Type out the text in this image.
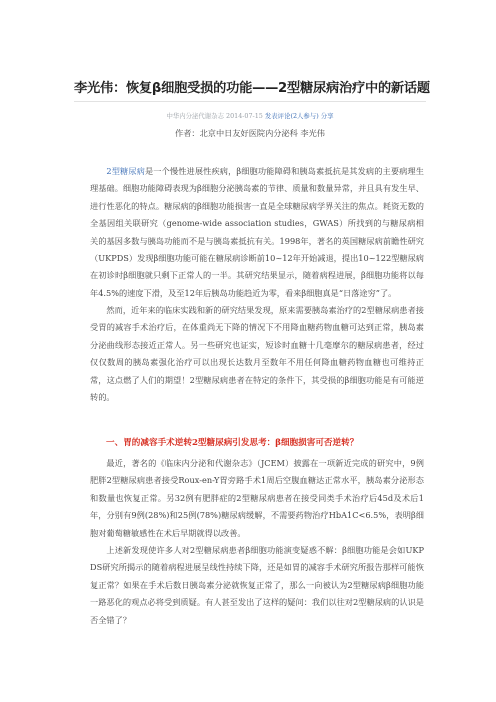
李光伟：恢复β细胞受损的功能——2型糖尿病治疗中的新话题
中华内分泌代谢杂志 2014-07-15 发表评论(2人参与) 分享
作者：北京中日友好医院内分泌科 李光伟

2型糖尿病是一个慢性进展性疾病，β细胞功能障碍和胰岛素抵抗是其发病的主要病理生理基础。细胞功能障碍表现为β细胞分泌胰岛素的节律、质量和数量异常，并且具有发生早、进行性恶化的特点。糖尿病的β细胞功能损害一直是全球糖尿病学界关注的焦点。耗资无数的全基因组关联研究（genome-wide association studies，GWAS）所找到的与糖尿病相关的基因多数与胰岛功能而不是与胰岛素抵抗有关。1998年，著名的英国糖尿病前瞻性研究（UKPDS）发现β细胞功能可能在糖尿病诊断前10~12年开始减退，提出10~122型糖尿病在初诊时β细胞就只剩下正常人的一半。其研究结果显示，随着病程进展，β细胞功能将以每年4.5%的速度下滑，及至12年后胰岛功能趋近为零，看来β细胞真是“日落途穷”了。

然而，近年来的临床实践和新的研究结果发现，原来需要胰岛素治疗的2型糖尿病患者接受胃的减容手术治疗后，在体重尚无下降的情况下不用降血糖药物血糖可达到正常，胰岛素分泌曲线形态接近正常人。另一些研究也证实，短诊时血糖十几毫摩尔的糖尿病患者，经过仅仅数周的胰岛素强化治疗可以出现长达数月至数年不用任何降血糖药物血糖也可维持正常，这点燃了人们的期望！2型糖尿病患者在特定的条件下，其受损的β细胞功能是有可能逆转的。

一、胃的减容手术逆转2型糖尿病引发思考：β细胞损害可否逆转？

最近，著名的《临床内分泌和代谢杂志》（JCEM）披露在一项新近完成的研究中，9例肥胖2型糖尿病患者接受Roux-en-Y胃旁路手术1周后空腹血糖达正常水平，胰岛素分泌形态和数量也恢复正常。另32例有肥胖症的2型糖尿病患者在接受同类手术治疗后45d及术后1年，分别有9例(28%)和25例(78%)糖尿病缓解，不需要药物治疗HbA1C<6.5%，表明β细胞对葡萄糖敏感性在术后早期就得以改善。

上述新发现使许多人对2型糖尿病患者β细胞功能演变疑惑不解：β细胞功能是会如UKPDS研究所揭示的随着病程进展呈线性持续下降，还是如胃的减容手术研究所报告那样可能恢复正常？如果在手术后数日胰岛素分泌就恢复正常了，那么一向被认为2型糖尿病β细胞功能一路恶化的观点必将受到质疑。有人甚至发出了这样的疑问：我们以往对2型糖尿病的认识是否全错了？
